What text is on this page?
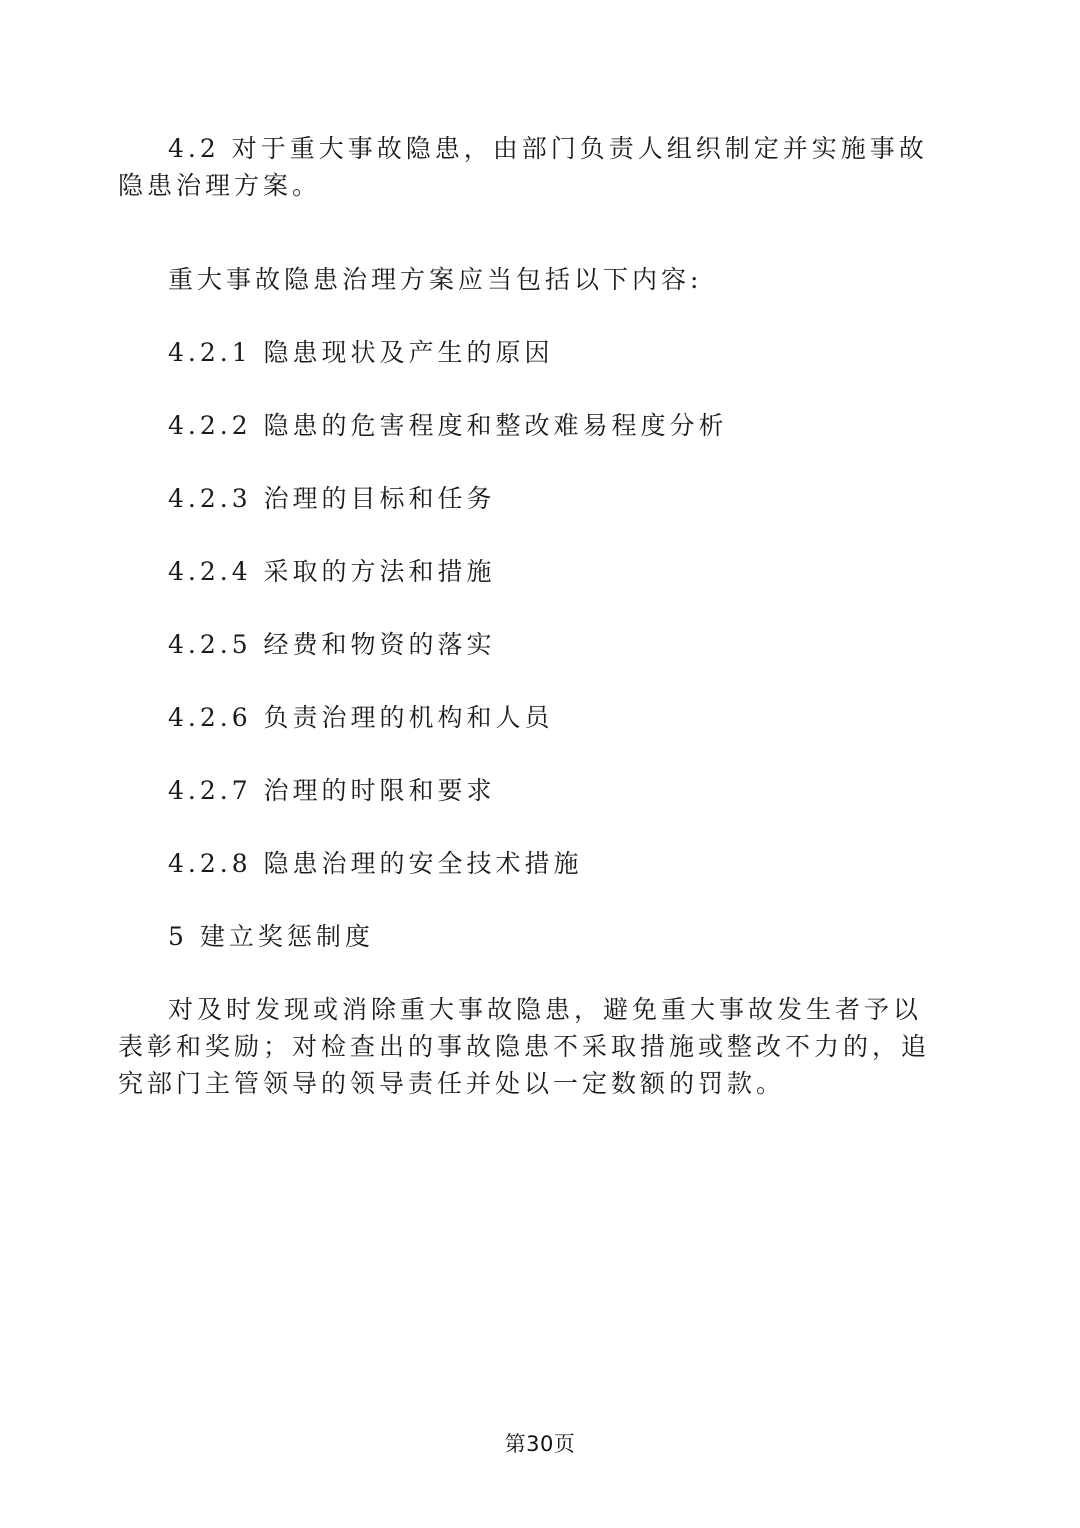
4.2 对于重大事故隐患，由部门负责人组织制定并实施事故隐患治理方案。

重大事故隐患治理方案应当包括以下内容:

4.2.1 隐患现状及产生的原因

4.2.2 隐患的危害程度和整改难易程度分析

4.2.3 治理的目标和任务

4.2.4 采取的方法和措施

4.2.5 经费和物资的落实

4.2.6 负责治理的机构和人员

4.2.7 治理的时限和要求

4.2.8 隐患治理的安全技术措施

5 建立奖惩制度

对及时发现或消除重大事故隐患，避免重大事故发生者予以表彰和奖励；对检查出的事故隐患不采取措施或整改不力的，追究部门主管领导的领导责任并处以一定数额的罚款。

第30页
